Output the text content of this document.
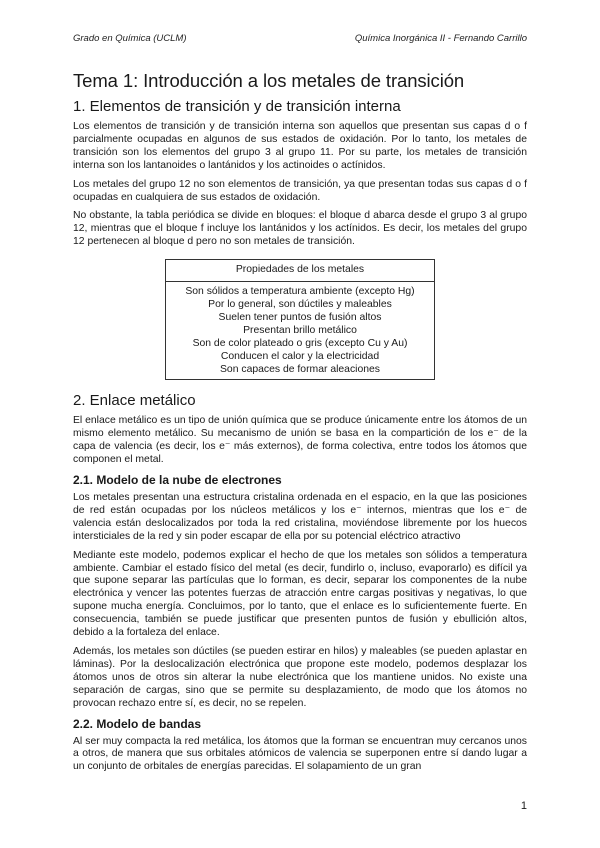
Grado en Química (UCLM)	Química Inorgánica II - Fernando Carrillo
Tema 1: Introducción a los metales de transición
1. Elementos de transición y de transición interna

Los elementos de transición y de transición interna son aquellos que presentan sus capas d o f parcialmente ocupadas en algunos de sus estados de oxidación. Por lo tanto, los metales de transición son los elementos del grupo 3 al grupo 11. Por su parte, los metales de transición interna son los lantanoides o lantánidos y los actinoides o actínidos.

Los metales del grupo 12 no son elementos de transición, ya que presentan todas sus capas d o f ocupadas en cualquiera de sus estados de oxidación.

No obstante, la tabla periódica se divide en bloques: el bloque d abarca desde el grupo 3 al grupo 12, mientras que el bloque f incluye los lantánidos y los actínidos. Es decir, los metales del grupo 12 pertenecen al bloque d pero no son metales de transición.

Propiedades de los metales
Son sólidos a temperatura ambiente (excepto Hg)
Por lo general, son dúctiles y maleables
Suelen tener puntos de fusión altos
Presentan brillo metálico
Son de color plateado o gris (excepto Cu y Au)
Conducen el calor y la electricidad
Son capaces de formar aleaciones
2. Enlace metálico

El enlace metálico es un tipo de unión química que se produce únicamente entre los átomos de un mismo elemento metálico. Su mecanismo de unión se basa en la compartición de los e⁻ de la capa de valencia (es decir, los e⁻ más externos), de forma colectiva, entre todos los átomos que componen el metal.

2.1. Modelo de la nube de electrones

Los metales presentan una estructura cristalina ordenada en el espacio, en la que las posiciones de red están ocupadas por los núcleos metálicos y los e⁻ internos, mientras que los e⁻ de valencia están deslocalizados por toda la red cristalina, moviéndose libremente por los huecos intersticiales de la red y sin poder escapar de ella por su potencial eléctrico atractivo

Mediante este modelo, podemos explicar el hecho de que los metales son sólidos a temperatura ambiente. Cambiar el estado físico del metal (es decir, fundirlo o, incluso, evaporarlo) es difícil ya que supone separar las partículas que lo forman, es decir, separar los componentes de la nube electrónica y vencer las potentes fuerzas de atracción entre cargas positivas y negativas, lo que supone mucha energía. Concluimos, por lo tanto, que el enlace es lo suficientemente fuerte. En consecuencia, también se puede justificar que presenten puntos de fusión y ebullición altos, debido a la fortaleza del enlace.

Además, los metales son dúctiles (se pueden estirar en hilos) y maleables (se pueden aplastar en láminas). Por la deslocalización electrónica que propone este modelo, podemos desplazar los átomos unos de otros sin alterar la nube electrónica que los mantiene unidos. No existe una separación de cargas, sino que se permite su desplazamiento, de modo que los átomos no provocan rechazo entre sí, es decir, no se repelen.

2.2. Modelo de bandas

Al ser muy compacta la red metálica, los átomos que la forman se encuentran muy cercanos unos a otros, de manera que sus orbitales atómicos de valencia se superponen entre sí dando lugar a un conjunto de orbitales de energías parecidas. El solapamiento de un gran

1
